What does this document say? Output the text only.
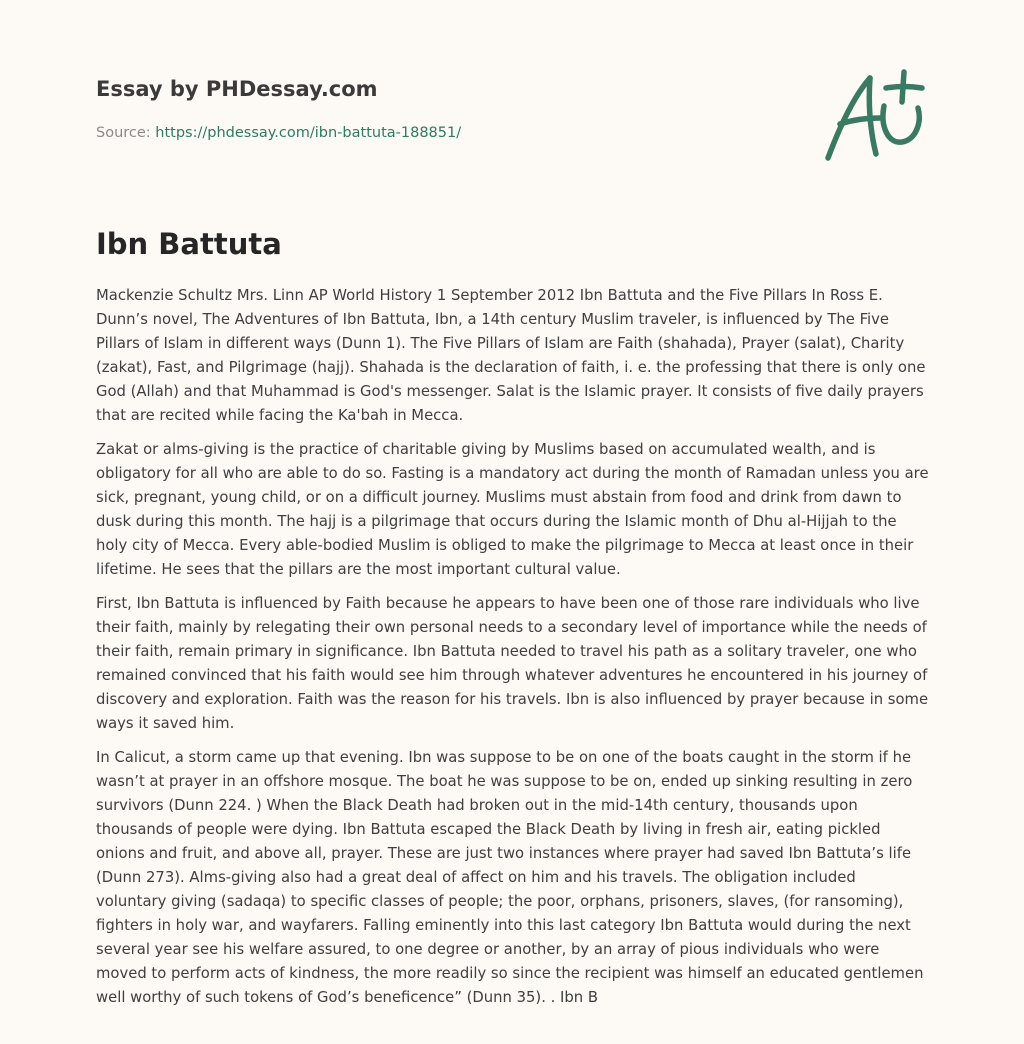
Essay by PHDessay.com
Source: https://phdessay.com/ibn-battuta-188851/
Ibn Battuta

Mackenzie Schultz Mrs. Linn AP World History 1 September 2012 Ibn Battuta and the Five Pillars In Ross E. Dunn’s novel, The Adventures of Ibn Battuta, Ibn, a 14th century Muslim traveler, is influenced by The Five Pillars of Islam in different ways (Dunn 1). The Five Pillars of Islam are Faith (shahada), Prayer (salat), Charity (zakat), Fast, and Pilgrimage (hajj). Shahada is the declaration of faith, i. e. the professing that there is only one God (Allah) and that Muhammad is God's messenger. Salat is the Islamic prayer. It consists of five daily prayers that are recited while facing the Ka'bah in Mecca.

Zakat or alms-giving is the practice of charitable giving by Muslims based on accumulated wealth, and is obligatory for all who are able to do so. Fasting is a mandatory act during the month of Ramadan unless you are sick, pregnant, young child, or on a difficult journey. Muslims must abstain from food and drink from dawn to dusk during this month. The hajj is a pilgrimage that occurs during the Islamic month of Dhu al-Hijjah to the holy city of Mecca. Every able-bodied Muslim is obliged to make the pilgrimage to Mecca at least once in their lifetime. He sees that the pillars are the most important cultural value.

First, Ibn Battuta is influenced by Faith because he appears to have been one of those rare individuals who live their faith, mainly by relegating their own personal needs to a secondary level of importance while the needs of their faith, remain primary in significance. Ibn Battuta needed to travel his path as a solitary traveler, one who remained convinced that his faith would see him through whatever adventures he encountered in his journey of discovery and exploration. Faith was the reason for his travels. Ibn is also influenced by prayer because in some ways it saved him.

In Calicut, a storm came up that evening. Ibn was suppose to be on one of the boats caught in the storm if he wasn’t at prayer in an offshore mosque. The boat he was suppose to be on, ended up sinking resulting in zero survivors (Dunn 224. ) When the Black Death had broken out in the mid-14th century, thousands upon thousands of people were dying. Ibn Battuta escaped the Black Death by living in fresh air, eating pickled onions and fruit, and above all, prayer. These are just two instances where prayer had saved Ibn Battuta’s life (Dunn 273). Alms-giving also had a great deal of affect on him and his travels. The obligation included voluntary giving (sadaqa) to specific classes of people; the poor, orphans, prisoners, slaves, (for ransoming), fighters in holy war, and wayfarers. Falling eminently into this last category Ibn Battuta would during the next several year see his welfare assured, to one degree or another, by an array of pious individuals who were moved to perform acts of kindness, the more readily so since the recipient was himself an educated gentlemen well worthy of such tokens of God’s beneficence” (Dunn 35). . Ibn B
